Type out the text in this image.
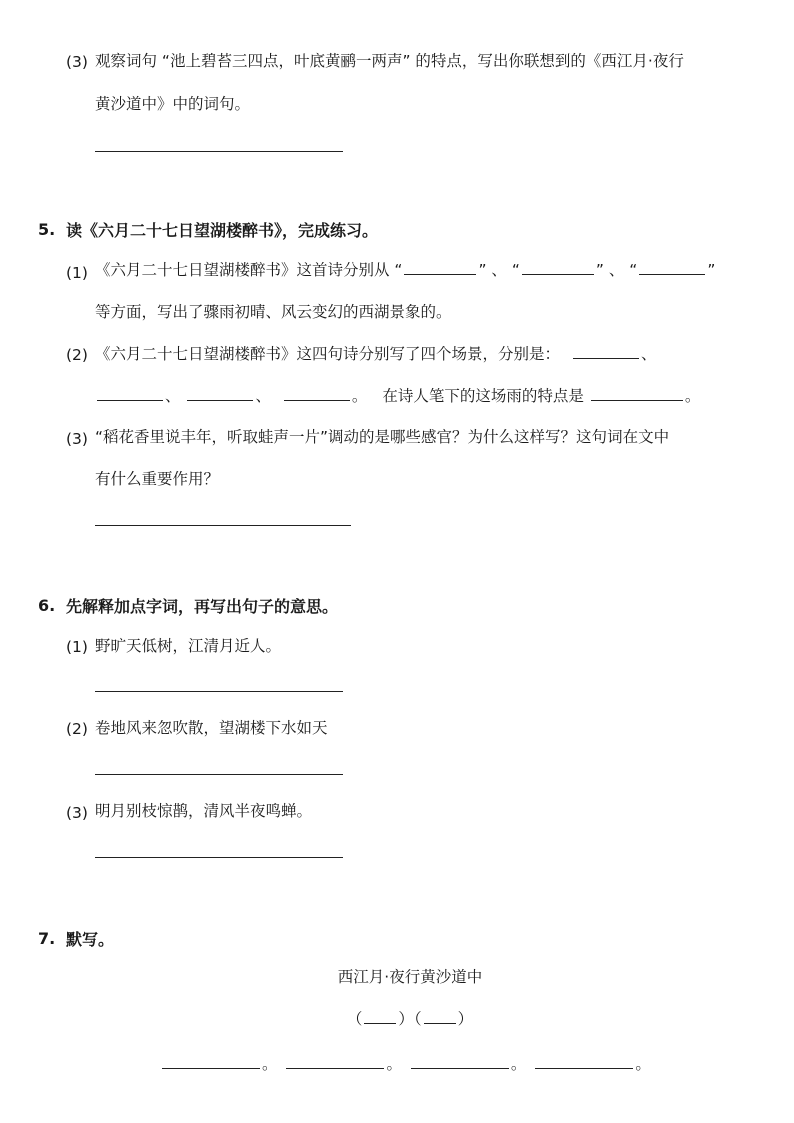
(3) 观察词句 “池上碧苔三四点，叶底黄鹂一两声” 的特点，写出你联想到的《西江月·夜行
黄沙道中》中的词句。
5. 读《六月二十七日望湖楼醉书》，完成练习。
(1) 《六月二十七日望湖楼醉书》这首诗分别从 “	” 、 “	” 、 “	”
等方面，写出了骤雨初晴、风云变幻的西湖景象的。
(2) 《六月二十七日望湖楼醉书》这四句诗分别写了四个场景，分别是：	、
、	、	。 在诗人笔下的这场雨的特点是	。
(3) “稻花香里说丰年，听取蛙声一片”调动的是哪些感官？为什么这样写？这句词在文中
有什么重要作用？
6. 先解释加点字词，再写出句子的意思。
(1) 野旷天低树，江清月近人。
(2) 卷地风来忽吹散，望湖楼下水如天
(3) 明月别枝惊鹊，清风半夜鸣蝉。
7. 默写。
西江月·夜行黄沙道中
（ ）（ ）
。	。	。	。
